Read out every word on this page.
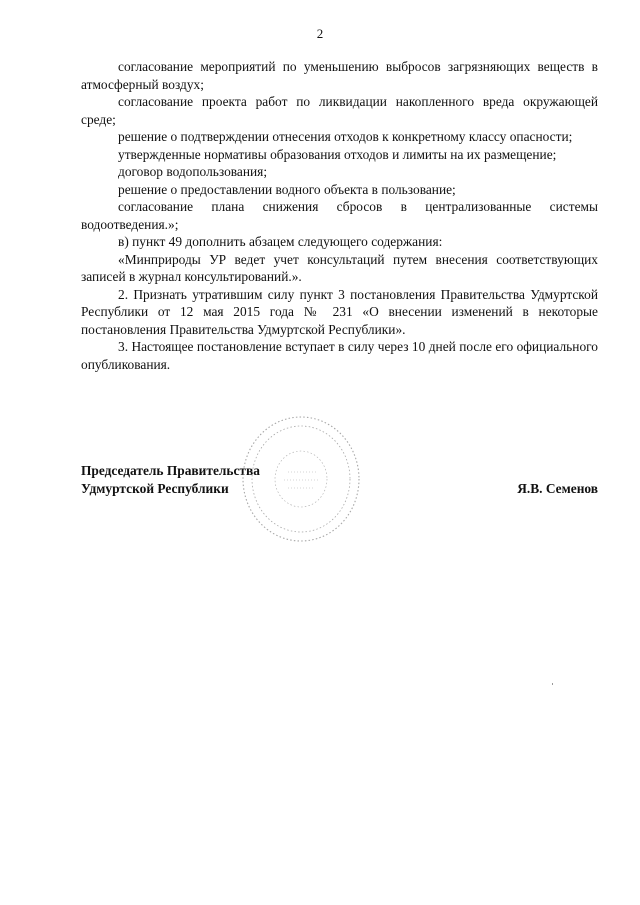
2

согласование мероприятий по уменьшению выбросов загрязняющих веществ в атмосферный воздух;

согласование проекта работ по ликвидации накопленного вреда окружающей среде;

решение о подтверждении отнесения отходов к конкретному классу опасности;

утвержденные нормативы образования отходов и лимиты на их размещение;

договор водопользования;

решение о предоставлении водного объекта в пользование;

согласование плана снижения сбросов в централизованные системы водоотведения.»;

в) пункт 49 дополнить абзацем следующего содержания:

«Минприроды УР ведет учет консультаций путем внесения соответствующих записей в журнал консультирований.».

2. Признать утратившим силу пункт 3 постановления Правительства Удмуртской Республики от 12 мая 2015 года № 231 «О внесении изменений в некоторые постановления Правительства Удмуртской Республики».

3. Настоящее постановление вступает в силу через 10 дней после его официального опубликования.

Председатель Правительства
Удмуртской Республики	Я.В. Семенов
